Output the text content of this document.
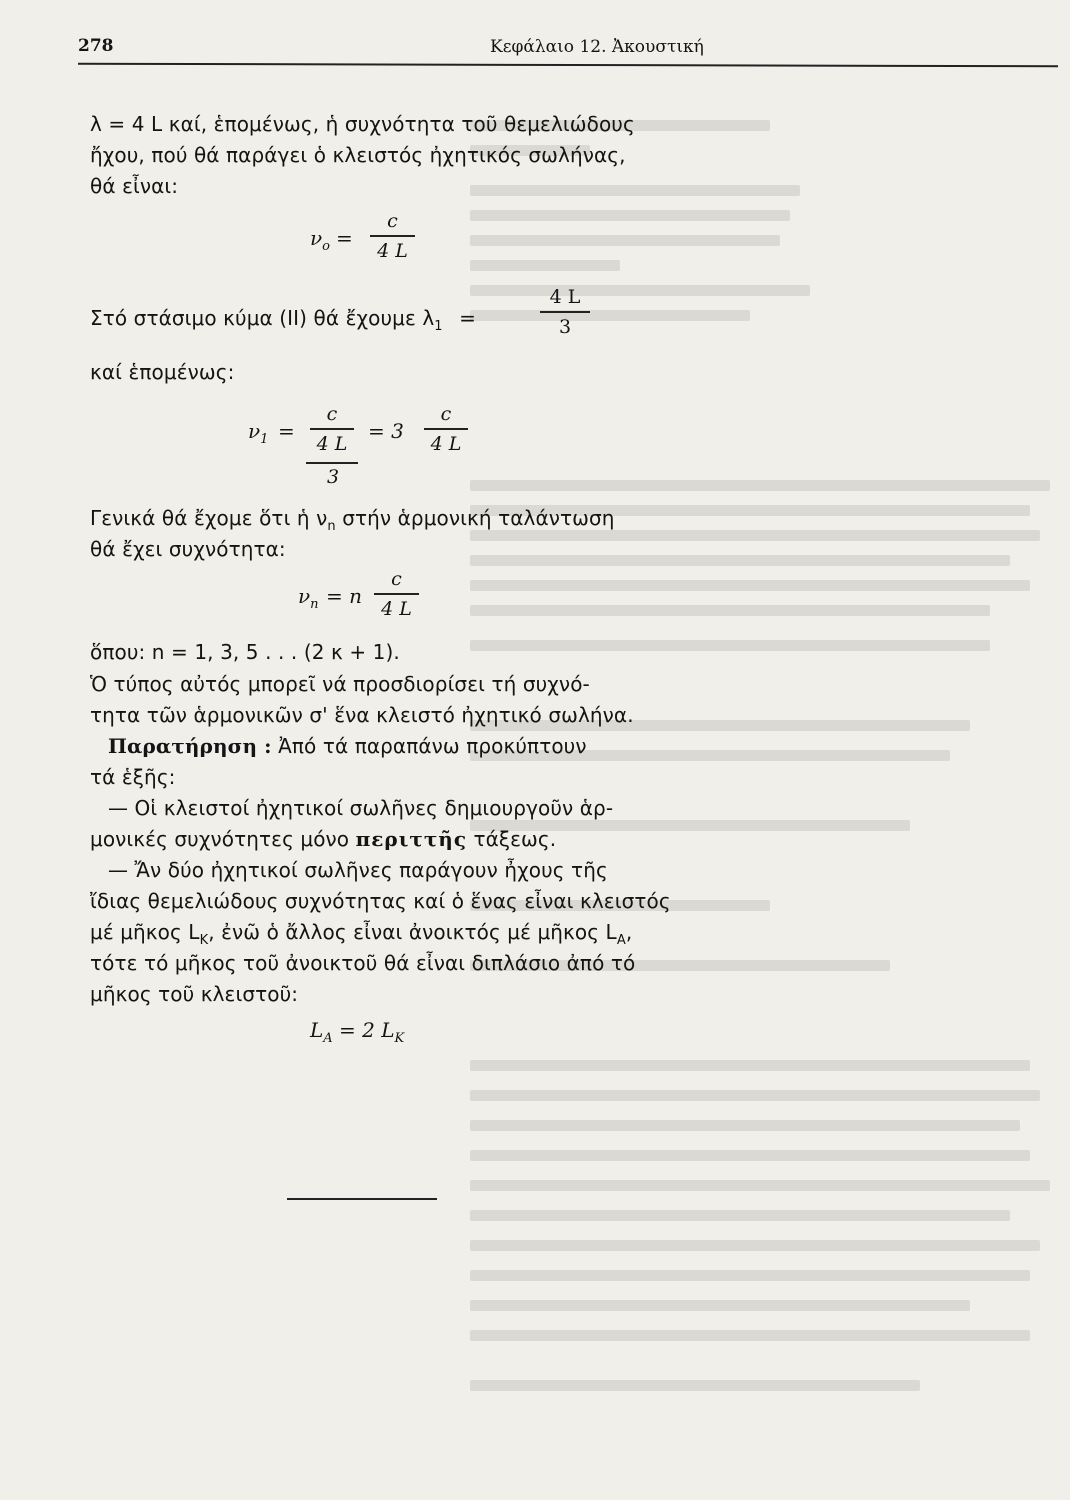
278	Κεφάλαιο 12. Ἀκουστική
λ = 4 L καί, ἑπομένως, ἡ συχνότητα τοῦ θεμελιώδους
ἤχου, πού θά παράγει ὁ κλειστός ἠχητικός σωλήνας,
θά εἶναι:
$\nu_o$ =
c
4 L
Στό στάσιμο κύμα (ΙΙ) θά ἔχουμε $\lambda_1$ =
4 L
3
καί ἑπομένως:
$\nu_1$ =
c
4 L
3
= 3
c
4 L
Γενικά θά ἔχομε ὅτι ἡ $\nu_n$ στήν ἁρμονική ταλάντωση
θά ἔχει συχνότητα:
$\nu_n = n$
c
4 L
ὅπου: n = 1, 3, 5 . . . (2 κ + 1).
Ὁ τύπος αὐτός μπορεῖ νά προσδιορίσει τή συχνό-
τητα τῶν ἁρμονικῶν σ' ἕνα κλειστό ἠχητικό σωλήνα.
Παρατήρηση : Ἀπό τά παραπάνω προκύπτουν
τά ἑξῆς:
— Οἱ κλειστοί ἠχητικοί σωλῆνες δημιουργοῦν ἁρ-
μονικές συχνότητες μόνο περιττῆς τάξεως.
— Ἄν δύο ἠχητικοί σωλῆνες παράγουν ἦχους τῆς
ἴδιας θεμελιώδους συχνότητας καί ὁ ἕνας εἶναι κλειστός
μέ μῆκος $L_K$, ἐνῶ ὁ ἄλλος εἶναι ἀνοικτός μέ μῆκος $L_A$,
τότε τό μῆκος τοῦ ἀνοικτοῦ θά εἶναι διπλάσιο ἀπό τό
μῆκος τοῦ κλειστοῦ:
$L_A = 2$ $L_K$
